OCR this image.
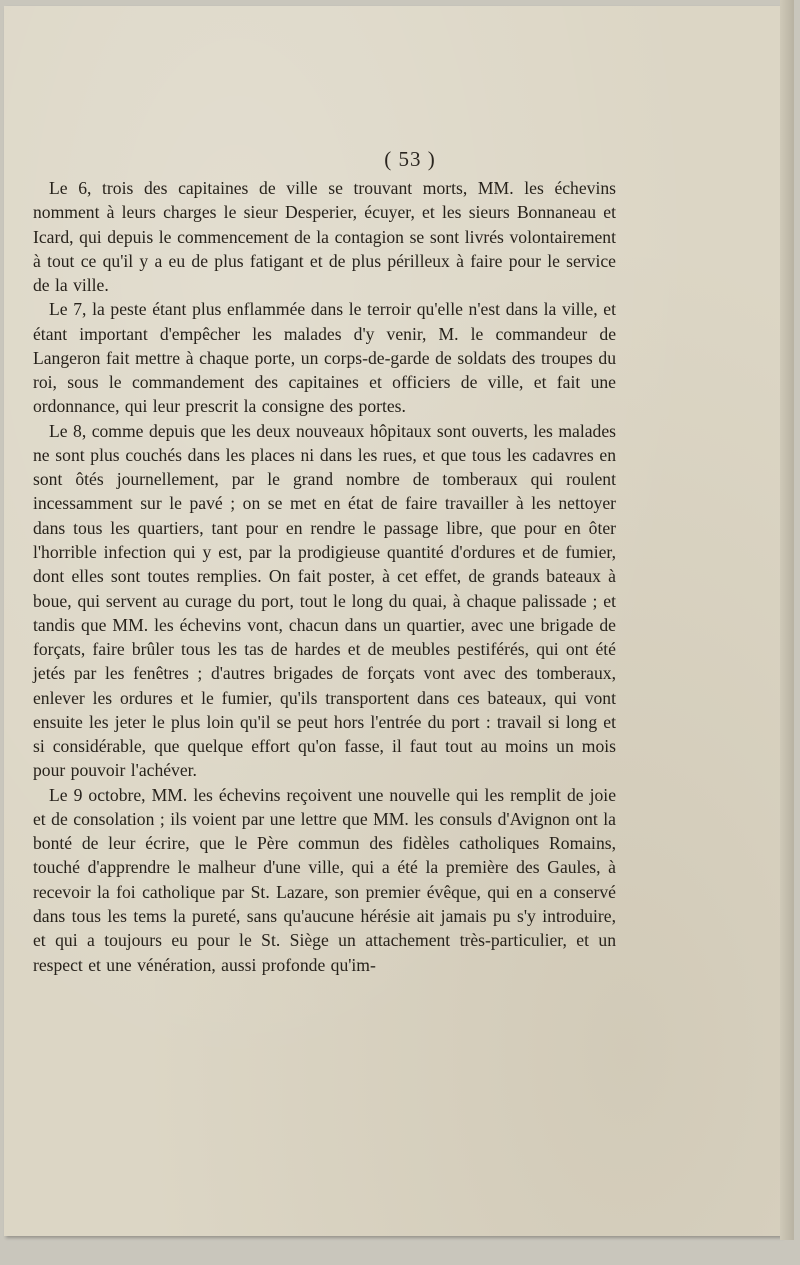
( 53 )

Le 6, trois des capitaines de ville se trouvant morts, MM. les échevins nomment à leurs charges le sieur Desperier, écuyer, et les sieurs Bonnaneau et Icard, qui depuis le commencement de la contagion se sont livrés volontairement à tout ce qu'il y a eu de plus fatigant et de plus périlleux à faire pour le service de la ville.

Le 7, la peste étant plus enflammée dans le terroir qu'elle n'est dans la ville, et étant important d'empêcher les malades d'y venir, M. le commandeur de Langeron fait mettre à chaque porte, un corps-de-garde de soldats des troupes du roi, sous le commandement des capitaines et officiers de ville, et fait une ordonnance, qui leur prescrit la consigne des portes.

Le 8, comme depuis que les deux nouveaux hôpitaux sont ouverts, les malades ne sont plus couchés dans les places ni dans les rues, et que tous les cadavres en sont ôtés journellement, par le grand nombre de tomberaux qui roulent incessamment sur le pavé ; on se met en état de faire travailler à les nettoyer dans tous les quartiers, tant pour en rendre le passage libre, que pour en ôter l'horrible infection qui y est, par la prodigieuse quantité d'ordures et de fumier, dont elles sont toutes remplies. On fait poster, à cet effet, de grands bateaux à boue, qui servent au curage du port, tout le long du quai, à chaque palissade ; et tandis que MM. les échevins vont, chacun dans un quartier, avec une brigade de forçats, faire brûler tous les tas de hardes et de meubles pestiférés, qui ont été jetés par les fenêtres ; d'autres brigades de forçats vont avec des tomberaux, enlever les ordures et le fumier, qu'ils transportent dans ces bateaux, qui vont ensuite les jeter le plus loin qu'il se peut hors l'entrée du port : travail si long et si considérable, que quelque effort qu'on fasse, il faut tout au moins un mois pour pouvoir l'achéver.

Le 9 octobre, MM. les échevins reçoivent une nouvelle qui les remplit de joie et de consolation ; ils voient par une lettre que MM. les consuls d'Avignon ont la bonté de leur écrire, que le Père commun des fidèles catholiques Romains, touché d'apprendre le malheur d'une ville, qui a été la première des Gaules, à recevoir la foi catholique par St. Lazare, son premier évêque, qui en a conservé dans tous les tems la pureté, sans qu'aucune hérésie ait jamais pu s'y introduire, et qui a toujours eu pour le St. Siège un attachement très-particulier, et un respect et une vénération, aussi profonde qu'im-
